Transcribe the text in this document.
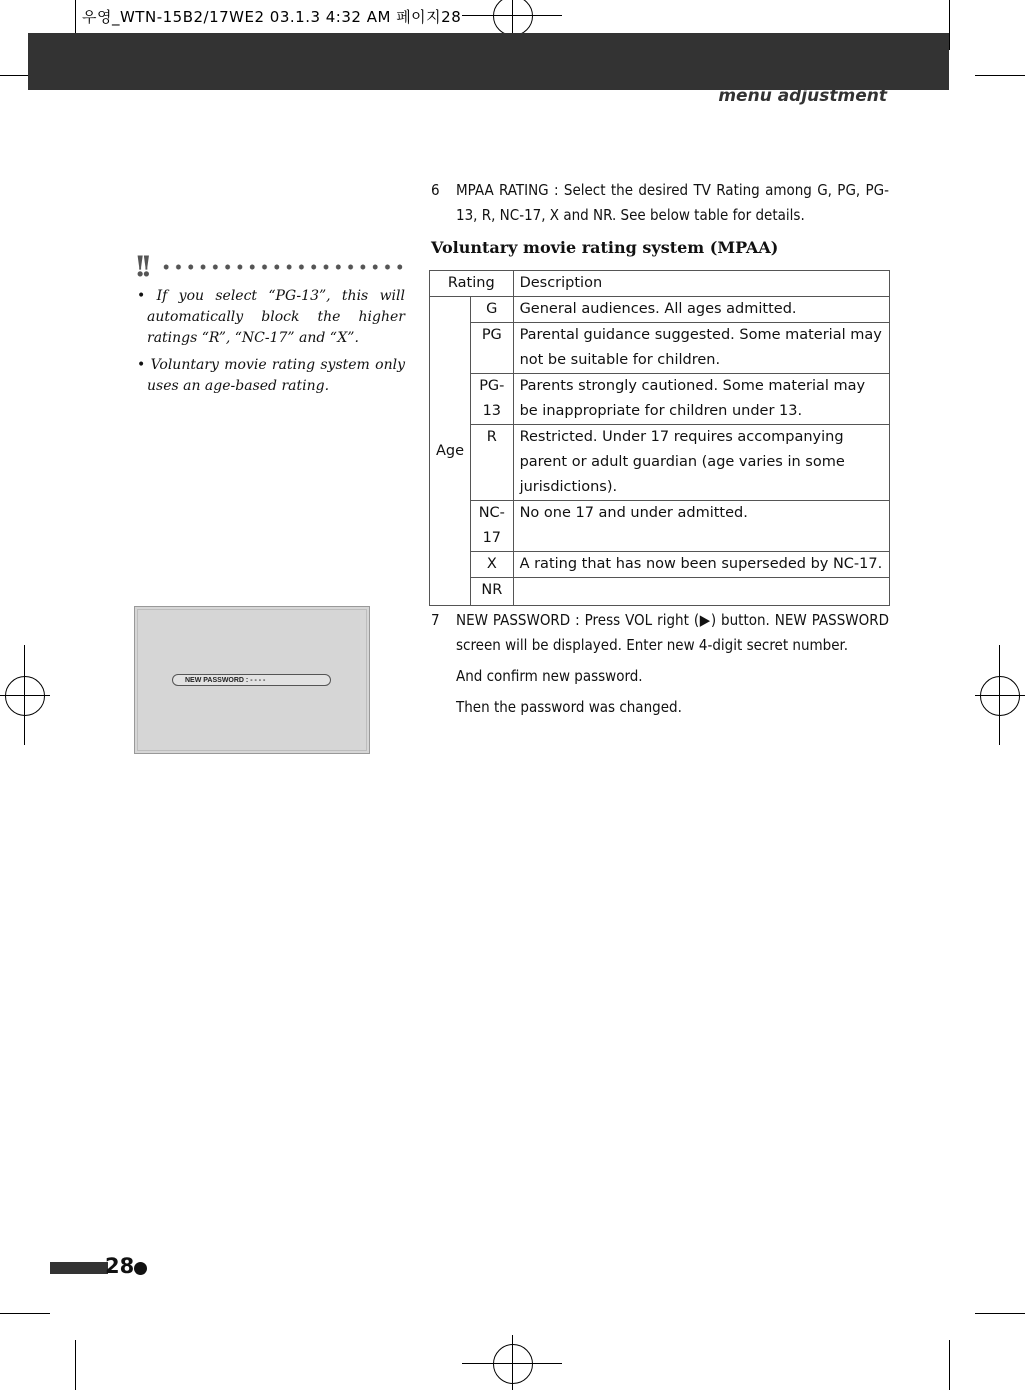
우영_WTN-15B2/17WE2 03.1.3 4:32 AM 페이지28
menu adjustment
6	MPAA RATING : Select the desired TV Rating among G, PG, PG-13, R, NC-17, X and NR. See below table for details.
Voluntary movie rating system (MPAA)
Rating		Description
Age	G	General audiences. All ages admitted.
	PG	Parental guidance suggested. Some material may not be suitable for children.
	PG-13	Parents strongly cautioned. Some material may be inappropriate for children under 13.
	R	Restricted. Under 17 requires accompanying parent or adult guardian (age varies in some jurisdictions).
	NC-17	No one 17 and under admitted.
	X	A rating that has now been superseded by NC-17.
	NR	
!!
• If you select “PG-13”, this will automatically block the higher ratings “R”, “NC-17” and “X”.
• Voluntary movie rating system only uses an age-based rating.
NEW PASSWORD : - - - -
7	NEW PASSWORD : Press VOL right (▶) button. NEW PASSWORD screen will be displayed. Enter new 4-digit secret number.
And confirm new password.
Then the password was changed.
28
